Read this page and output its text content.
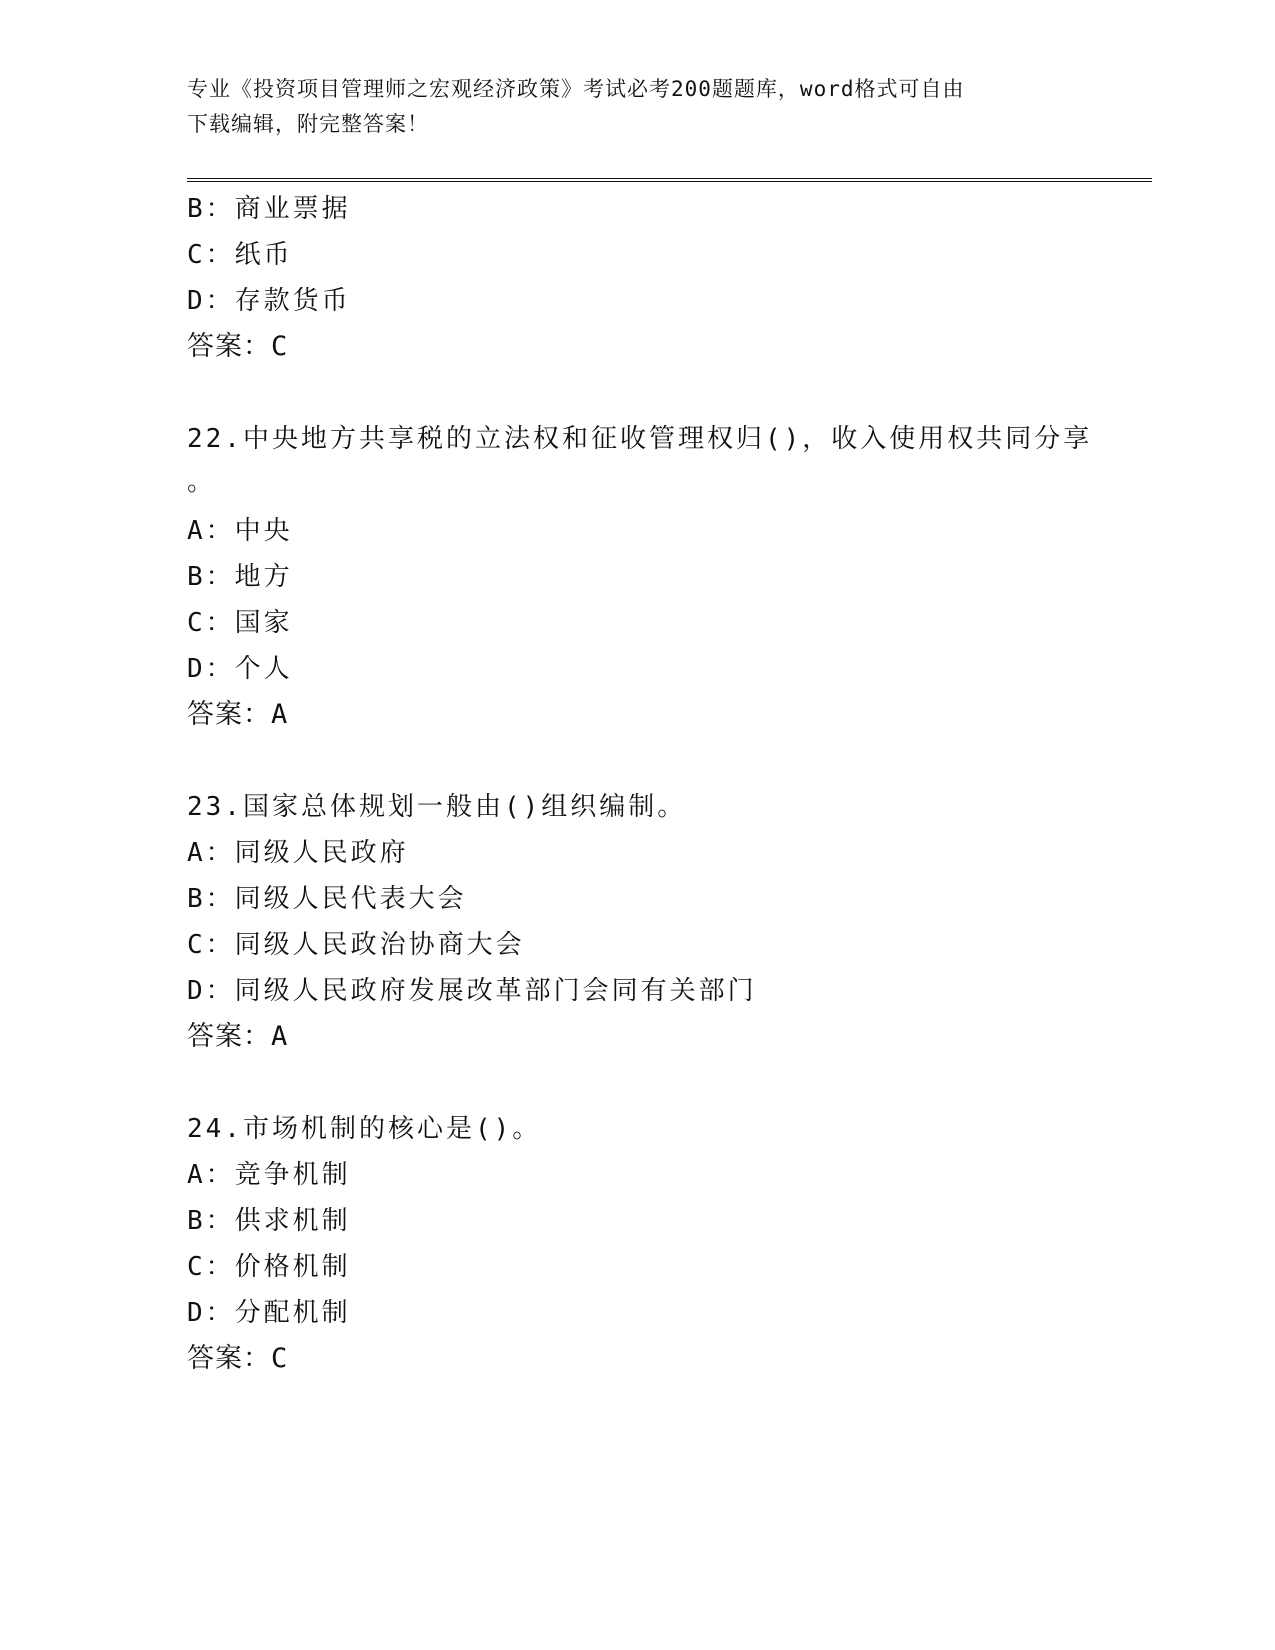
专业《投资项目管理师之宏观经济政策》考试必考200题题库，word格式可自由
下载编辑，附完整答案！
B：商业票据
C：纸币
D：存款货币
答案：C
22.中央地方共享税的立法权和征收管理权归()，收入使用权共同分享
。
A：中央
B：地方
C：国家
D：个人
答案：A
23.国家总体规划一般由()组织编制。
A：同级人民政府
B：同级人民代表大会
C：同级人民政治协商大会
D：同级人民政府发展改革部门会同有关部门
答案：A
24.市场机制的核心是()。
A：竞争机制
B：供求机制
C：价格机制
D：分配机制
答案：C
